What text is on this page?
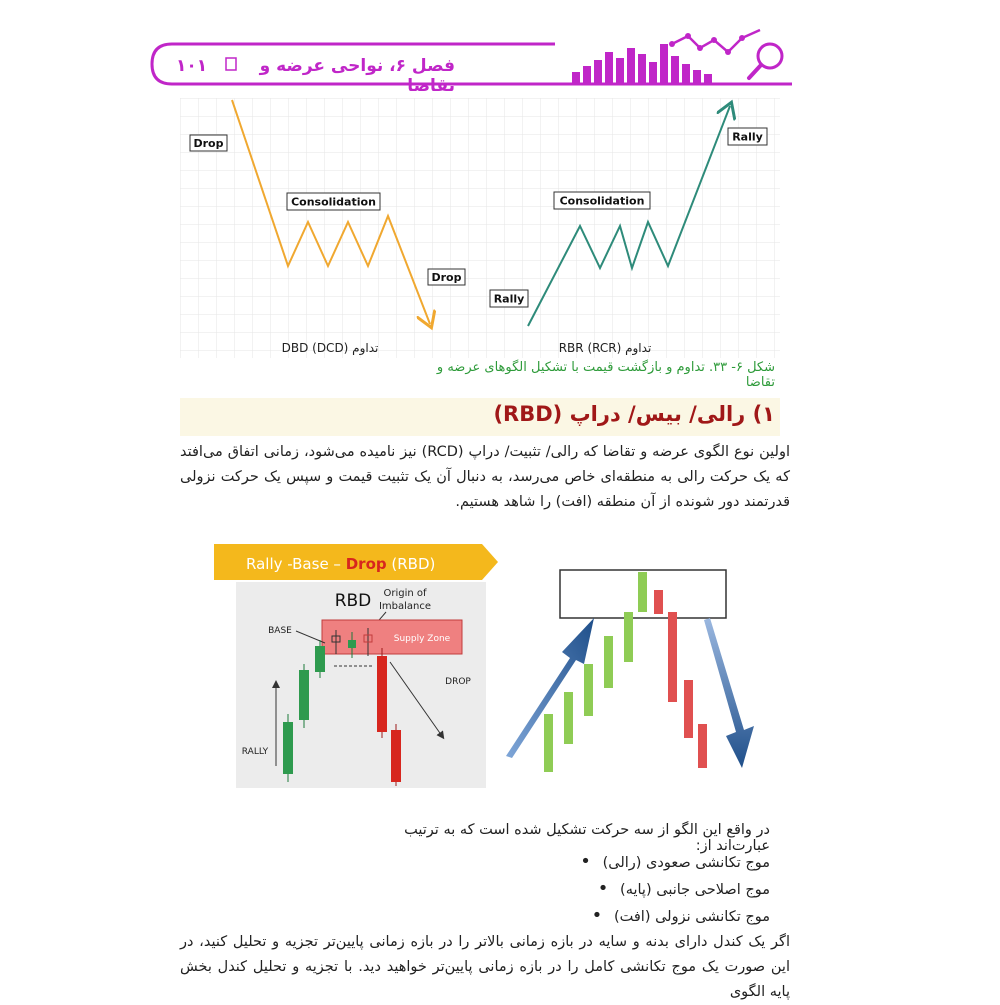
فصل ۶، نواحی عرضه و تقاضا
۱۰۱
Drop
Consolidation
Drop
تداوم DBD (DCD)
Rally
Consolidation
Rally
تداوم RBR (RCR)
شکل ۶- ۳۳. تداوم و بازگشت قیمت با تشکیل الگوهای عرضه و تقاضا
۱) رالی/ بیس/ دراپ (RBD)
اولین نوع الگوی عرضه و تقاضا که رالی/ تثبیت/ دراپ (RCD) نیز نامیده می‌شود، زمانی اتفاق می‌افتد که یک حرکت رالی به منطقه‌ای خاص می‌رسد، به دنبال آن یک تثبیت قیمت و سپس یک حرکت نزولی قدرتمند دور شونده از آن منطقه (افت) را شاهد هستیم.
Rally -Base – Drop (RBD)
RBD Origin of
Imbalance
Supply Zone
BASE
DROP
RALLY
در واقع این الگو از سه حرکت تشکیل شده است که به ترتیب عبارت‌اند از:
موج تکانشی صعودی (رالی) •
موج اصلاحی جانبی (پایه) •
موج تکانشی نزولی (افت) •
اگر یک کندل دارای بدنه و سایه در بازه زمانی بالاتر را در بازه زمانی پایین‌تر تجزیه و تحلیل کنید، در این صورت یک موج تکانشی کامل را در بازه زمانی پایین‌تر خواهید دید. با تجزیه و تحلیل کندل بخش پایه الگوی
